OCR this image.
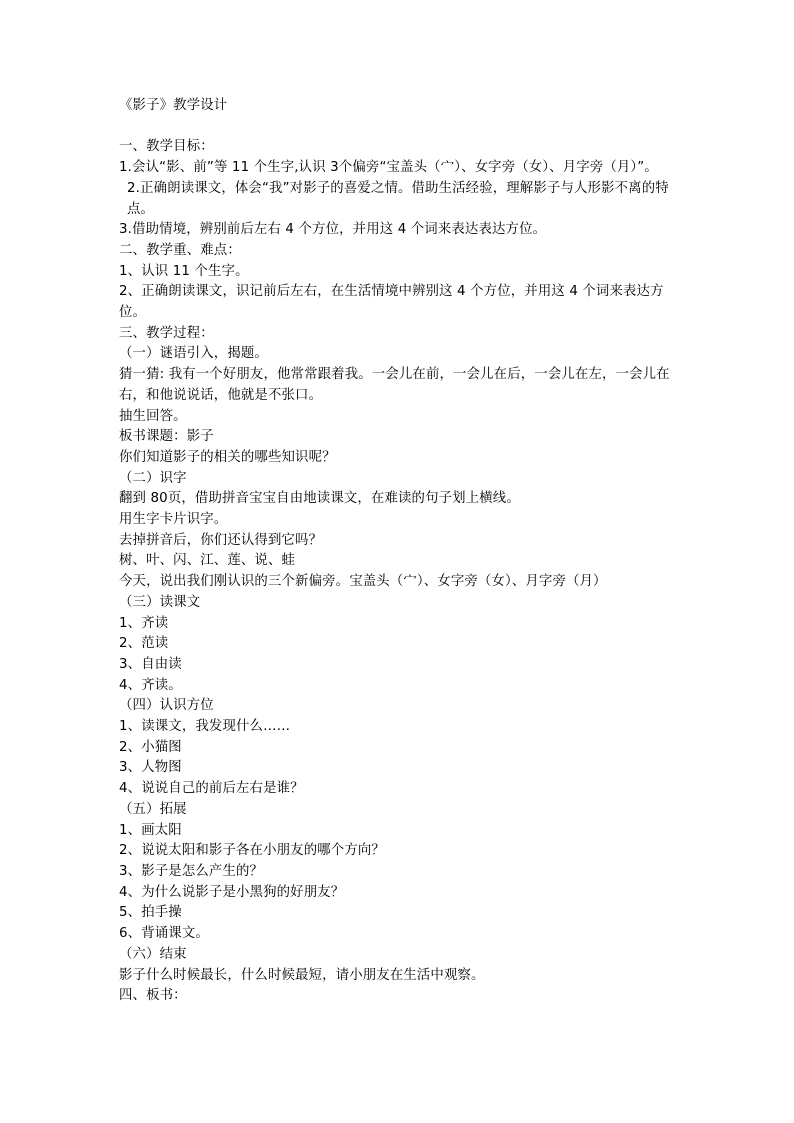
《影子》教学设计
一、教学目标：
1.会认“影、前”等 11 个生字,认识 3个偏旁“宝盖头（宀）、女字旁（女）、月字旁（月）”。
2.正确朗读课文，体会“我”对影子的喜爱之情。借助生活经验，理解影子与人形影不离的特点。
3.借助情境，辨别前后左右 4 个方位，并用这 4 个词来表达表达方位。
二、教学重、难点：
1、认识 11 个生字。
2、正确朗读课文，识记前后左右，在生活情境中辨别这 4 个方位，并用这 4 个词来表达方位。
三、教学过程：
（一）谜语引入，揭题。
猜一猜: 我有一个好朋友，他常常跟着我。一会儿在前，一会儿在后，一会儿在左，一会儿在右，和他说说话，他就是不张口。
抽生回答。
板书课题：影子
你们知道影子的相关的哪些知识呢？
（二）识字
翻到 80页，借助拼音宝宝自由地读课文，在难读的句子划上横线。
用生字卡片识字。
去掉拼音后，你们还认得到它吗？
树、叶、闪、江、莲、说、蛙
今天，说出我们刚认识的三个新偏旁。宝盖头（宀）、女字旁（女）、月字旁（月）
（三）读课文
1、齐读
2、范读
3、自由读
4、齐读。
（四）认识方位
1、读课文，我发现什么……
2、小猫图
3、人物图
4、说说自己的前后左右是谁？
（五）拓展
1、画太阳
2、说说太阳和影子各在小朋友的哪个方向？
3、影子是怎么产生的？
4、为什么说影子是小黑狗的好朋友？
5、拍手操
6、背诵课文。
（六）结束
影子什么时候最长，什么时候最短，请小朋友在生活中观察。
四、板书：
